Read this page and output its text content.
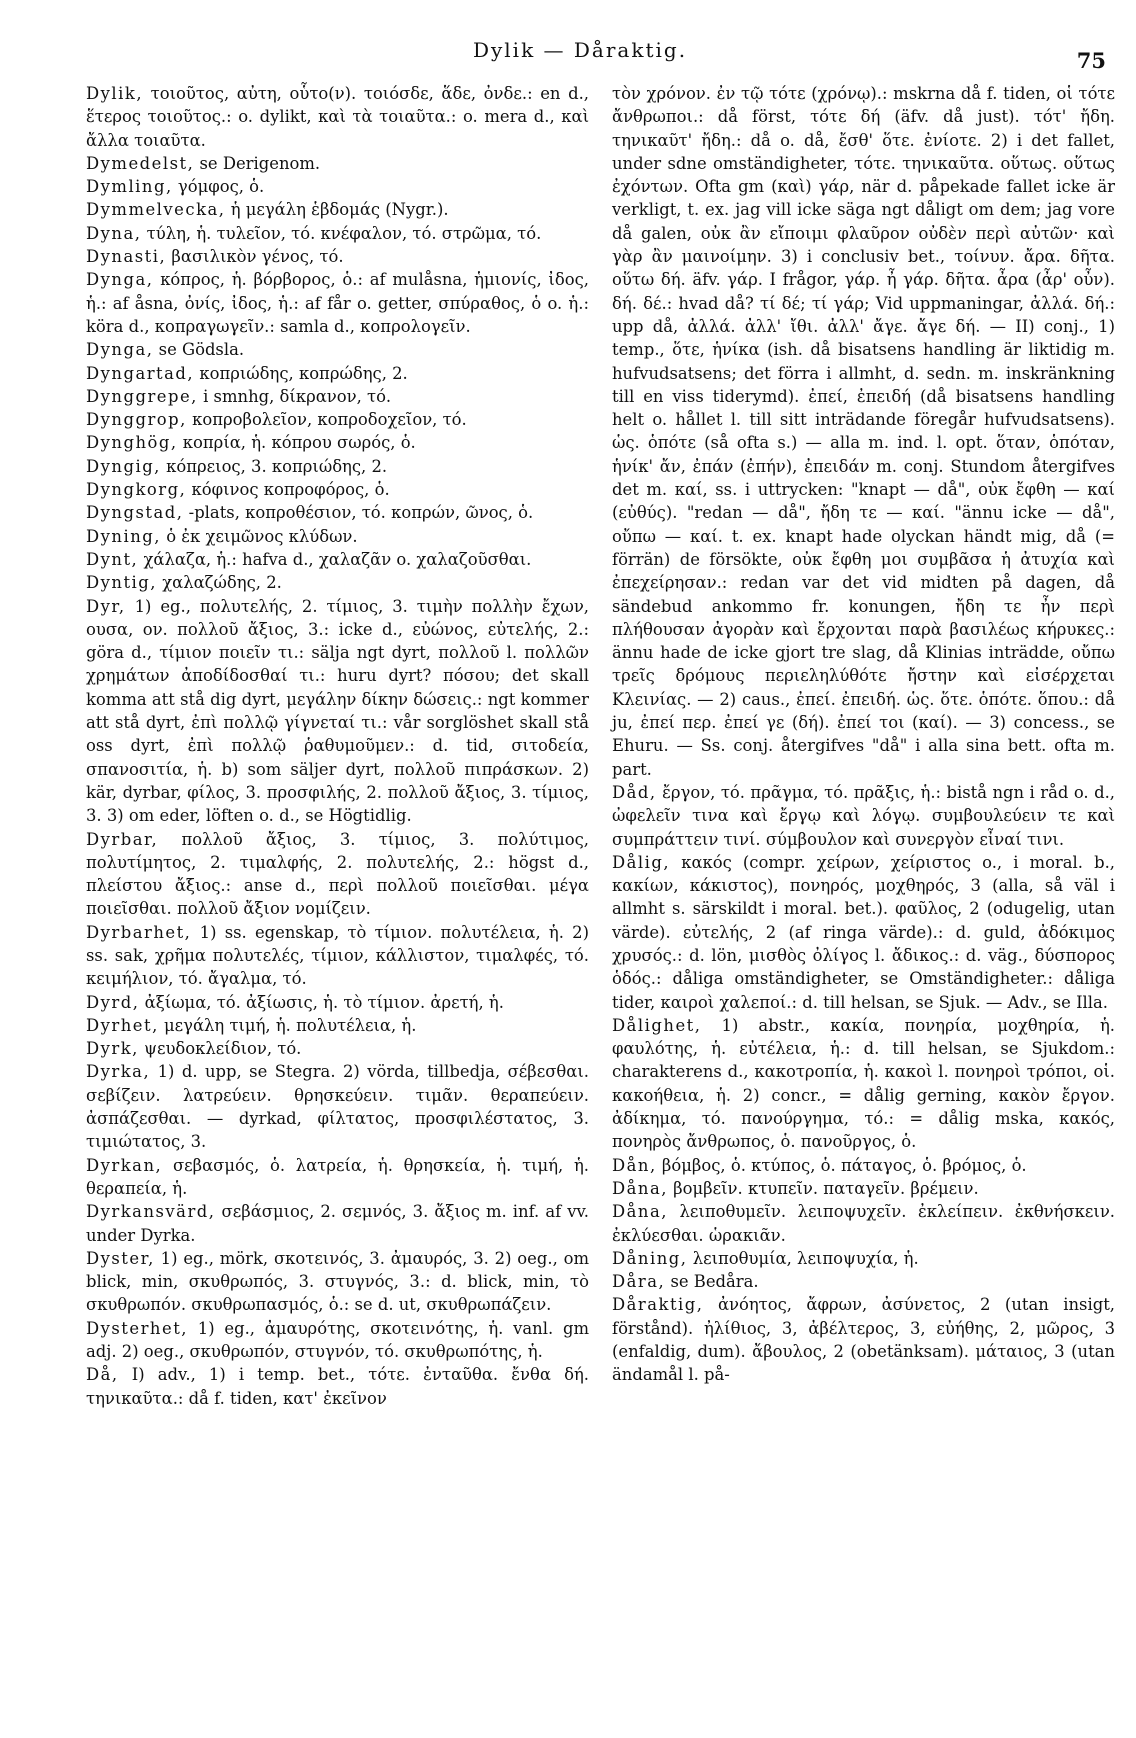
Dylik — Dåraktig.	75

Dylik, τοιοῦτος, αὐτη, οὗτο(ν). τοιόσδε, ἅδε, ὀνδε.: en d., ἕτερος τοιοῦτος.: o. dylikt, καὶ τὰ τοιαῦτα.: o. mera d., καὶ ἄλλα τοιαῦτα.

Dymedelst, se Derigenom.

Dymling, γόμφος, ὁ.

Dymmelvecka, ἡ μεγάλη ἑβδομάς (Nygr.).

Dyna, τύλη, ἡ. τυλεῖον, τό. κνέφαλον, τό. στρῶμα, τό.

Dynasti, βασιλικὸν γένος, τό.

Dynga, κόπρος, ἡ. βόρβορος, ὁ.: af mulåsna, ἡμιονίς, ἰδος, ἡ.: af åsna, ὀνίς, ἰδος, ἡ.: af får o. getter, σπύραθος, ὁ o. ἡ.: köra d., κοπραγωγεῖν.: samla d., κοπρολογεῖν.

Dynga, se Gödsla.

Dyngartad, κοπριώδης, κοπρώδης, 2.

Dynggrepe, i smnhg, δίκρανον, τό.

Dynggrop, κοπροβολεῖον, κοπροδοχεῖον, τό.

Dynghög, κοπρία, ἡ. κόπρου σωρός, ὁ.

Dyngig, κόπρειος, 3. κοπριώδης, 2.

Dyngkorg, κόφινος κοπροφόρος, ὁ.

Dyngstad, -plats, κοπροθέσιον, τό. κοπρών, ῶνος, ὁ.

Dyning, ὁ ἐκ χειμῶνος κλύδων.

Dynt, χάλαζα, ἡ.: hafva d., χαλαζᾶν o. χαλαζοῦσθαι.

Dyntig, χαλαζώδης, 2.

Dyr, 1) eg., πολυτελής, 2. τίμιος, 3. τιμὴν πολλὴν ἔχων, ουσα, ον. πολλοῦ ἄξιος, 3.: icke d., εὐώνος, εὐτελής, 2.: göra d., τίμιον ποιεῖν τι.: sälja ngt dyrt, πολλοῦ l. πολλῶν χρημάτων ἀποδίδοσθαί τι.: huru dyrt? πόσου; det skall komma att stå dig dyrt, μεγάλην δίκην δώσεις.: ngt kommer att stå dyrt, ἐπὶ πολλῷ γίγνεταί τι.: vår sorglöshet skall stå oss dyrt, ἐπὶ πολλῷ ῥαθυμοῦμεν.: d. tid, σιτοδεία, σπανοσιτία, ἡ. b) som säljer dyrt, πολλοῦ πιπράσκων. 2) kär, dyrbar, φίλος, 3. προσφιλής, 2. πολλοῦ ἄξιος, 3. τίμιος, 3. 3) om eder, löften o. d., se Högtidlig.

Dyrbar, πολλοῦ ἄξιος, 3. τίμιος, 3. πολύτιμος, πολυτίμητος, 2. τιμαλφής, 2. πολυτελής, 2.: högst d., πλείστου ἄξιος.: anse d., περὶ πολλοῦ ποιεῖσθαι. μέγα ποιεῖσθαι. πολλοῦ ἄξιον νομίζειν.

Dyrbarhet, 1) ss. egenskap, τὸ τίμιον. πολυτέλεια, ἡ. 2) ss. sak, χρῆμα πολυτελές, τίμιον, κάλλιστον, τιμαλφές, τό. κειμήλιον, τό. ἄγαλμα, τό.

Dyrd, ἀξίωμα, τό. ἀξίωσις, ἡ. τὸ τίμιον. ἀρετή, ἡ.

Dyrhet, μεγάλη τιμή, ἡ. πολυτέλεια, ἡ.

Dyrk, ψευδοκλείδιον, τό.

Dyrka, 1) d. upp, se Stegra. 2) vörda, tillbedja, σέβεσθαι. σεβίζειν. λατρεύειν. θρησκεύειν. τιμᾶν. θεραπεύειν. ἀσπάζεσθαι. — dyrkad, φίλτατος, προσφιλέστατος, 3. τιμιώτατος, 3.

Dyrkan, σεβασμός, ὁ. λατρεία, ἡ. θρησκεία, ἡ. τιμή, ἡ. θεραπεία, ἡ.

Dyrkansvärd, σεβάσμιος, 2. σεμνός, 3. ἄξιος m. inf. af vv. under Dyrka.

Dyster, 1) eg., mörk, σκοτεινός, 3. ἀμαυρός, 3. 2) oeg., om blick, min, σκυθρωπός, 3. στυγνός, 3.: d. blick, min, τὸ σκυθρωπόν. σκυθρωπασμός, ὁ.: se d. ut, σκυθρωπάζειν.

Dysterhet, 1) eg., ἀμαυρότης, σκοτεινότης, ἡ. vanl. gm adj. 2) oeg., σκυθρωπόν, στυγνόν, τό. σκυθρωπότης, ἡ.

Då, I) adv., 1) i temp. bet., τότε. ἐνταῦθα. ἔνθα δή. τηνικαῦτα.: då f. tiden, κατ' ἐκεῖνον

τὸν χρόνον. ἐν τῷ τότε (χρόνῳ).: mskrna då f. tiden, οἱ τότε ἄνθρωποι.: då först, τότε δή (äfv. då just). τότ' ἤδη. τηνικαῦτ' ἤδη.: då o. då, ἔσθ' ὅτε. ἐνίοτε. 2) i det fallet, under sdne omständigheter, τότε. τηνικαῦτα. οὕτως. οὕτως ἐχόντων. Ofta gm (καὶ) γάρ, när d. påpekade fallet icke är verkligt, t. ex. jag vill icke säga ngt dåligt om dem; jag vore då galen, οὐκ ἂν εἴποιμι φλαῦρον οὐδὲν περὶ αὐτῶν· καὶ γὰρ ἂν μαινοίμην. 3) i conclusiv bet., τοίνυν. ἄρα. δῆτα. οὕτω δή. äfv. γάρ. I frågor, γάρ. ἦ γάρ. δῆτα. ἆρα (ἆρ' οὖν). δή. δέ.: hvad då? τί δέ; τί γάρ; Vid uppmaningar, ἀλλά. δή.: upp då, ἀλλά. ἀλλ' ἴθι. ἀλλ' ἄγε. ἄγε δή. — II) conj., 1) temp., ὅτε, ἡνίκα (ish. då bisatsens handling är liktidig m. hufvudsatsens; det förra i allmht, d. sedn. m. inskränkning till en viss tiderymd). ἐπεί, ἐπειδή (då bisatsens handling helt o. hållet l. till sitt inträdande föregår hufvudsatsens). ὡς. ὁπότε (så ofta s.) — alla m. ind. l. opt. ὅταν, ὁπόταν, ἡνίκ' ἄν, ἐπάν (ἐπήν), ἐπειδάν m. conj. Stundom återgifves det m. καί, ss. i uttrycken: "knapt — då", οὐκ ἔφθη — καί (εὐθύς). "redan — då", ἤδη τε — καί. "ännu icke — då", οὔπω — καί. t. ex. knapt hade olyckan händt mig, då (= förrän) de försökte, οὐκ ἔφθη μοι συμβᾶσα ἡ ἀτυχία καὶ ἐπεχείρησαν.: redan var det vid midten på dagen, då sändebud ankommo fr. konungen, ἤδη τε ἦν περὶ πλήθουσαν ἀγορὰν καὶ ἔρχονται παρὰ βασιλέως κήρυκες.: ännu hade de icke gjort tre slag, då Klinias inträdde, οὔπω τρεῖς δρόμους περιεληλύθότε ἤστην καὶ εἰσέρχεται Κλεινίας. — 2) caus., ἐπεί. ἐπειδή. ὡς. ὅτε. ὁπότε. ὅπου.: då ju, ἐπεί περ. ἐπεί γε (δή). ἐπεί τοι (καί). — 3) concess., se Ehuru. — Ss. conj. återgifves "då" i alla sina bett. ofta m. part.

Dåd, ἔργον, τό. πρᾶγμα, τό. πρᾶξις, ἡ.: bistå ngn i råd o. d., ὠφελεῖν τινα καὶ ἔργῳ καὶ λόγῳ. συμβουλεύειν τε καὶ συμπράττειν τινί. σύμβουλον καὶ συνεργὸν εἶναί τινι.

Dålig, κακός (compr. χείρων, χείριστος o., i moral. b., κακίων, κάκιστος), πονηρός, μοχθηρός, 3 (alla, så väl i allmht s. särskildt i moral. bet.). φαῦλος, 2 (odugelig, utan värde). εὐτελής, 2 (af ringa värde).: d. guld, ἀδόκιμος χρυσός.: d. lön, μισθὸς ὀλίγος l. ἄδικος.: d. väg., δύσπορος ὁδός.: dåliga omständigheter, se Omständigheter.: dåliga tider, καιροὶ χαλεποί.: d. till helsan, se Sjuk. — Adv., se Illa.

Dålighet, 1) abstr., κακία, πονηρία, μοχθηρία, ἡ. φαυλότης, ἡ. εὐτέλεια, ἡ.: d. till helsan, se Sjukdom.: charakterens d., κακοτροπία, ἡ. κακοὶ l. πονηροὶ τρόποι, οἱ. κακοήθεια, ἡ. 2) concr., = dålig gerning, κακὸν ἔργον. ἀδίκημα, τό. πανούργημα, τό.: = dålig mska, κακός, πονηρὸς ἄνθρωπος, ὁ. πανοῦργος, ὁ.

Dån, βόμβος, ὁ. κτύπος, ὁ. πάταγος, ὁ. βρόμος, ὁ.

Dåna, βομβεῖν. κτυπεῖν. παταγεῖν. βρέμειν.

Dåna, λειποθυμεῖν. λειποψυχεῖν. ἐκλείπειν. ἐκθνήσκειν. ἐκλύεσθαι. ὡρακιᾶν.

Dåning, λειποθυμία, λειποψυχία, ἡ.

Dåra, se Bedåra.

Dåraktig, ἀνόητος, ἄφρων, ἀσύνετος, 2 (utan insigt, förstånd). ἠλίθιος, 3, ἀβέλτερος, 3, εὐήθης, 2, μῶρος, 3 (enfaldig, dum). ἄβουλος, 2 (obetänksam). μάταιος, 3 (utan ändamål l. på-
